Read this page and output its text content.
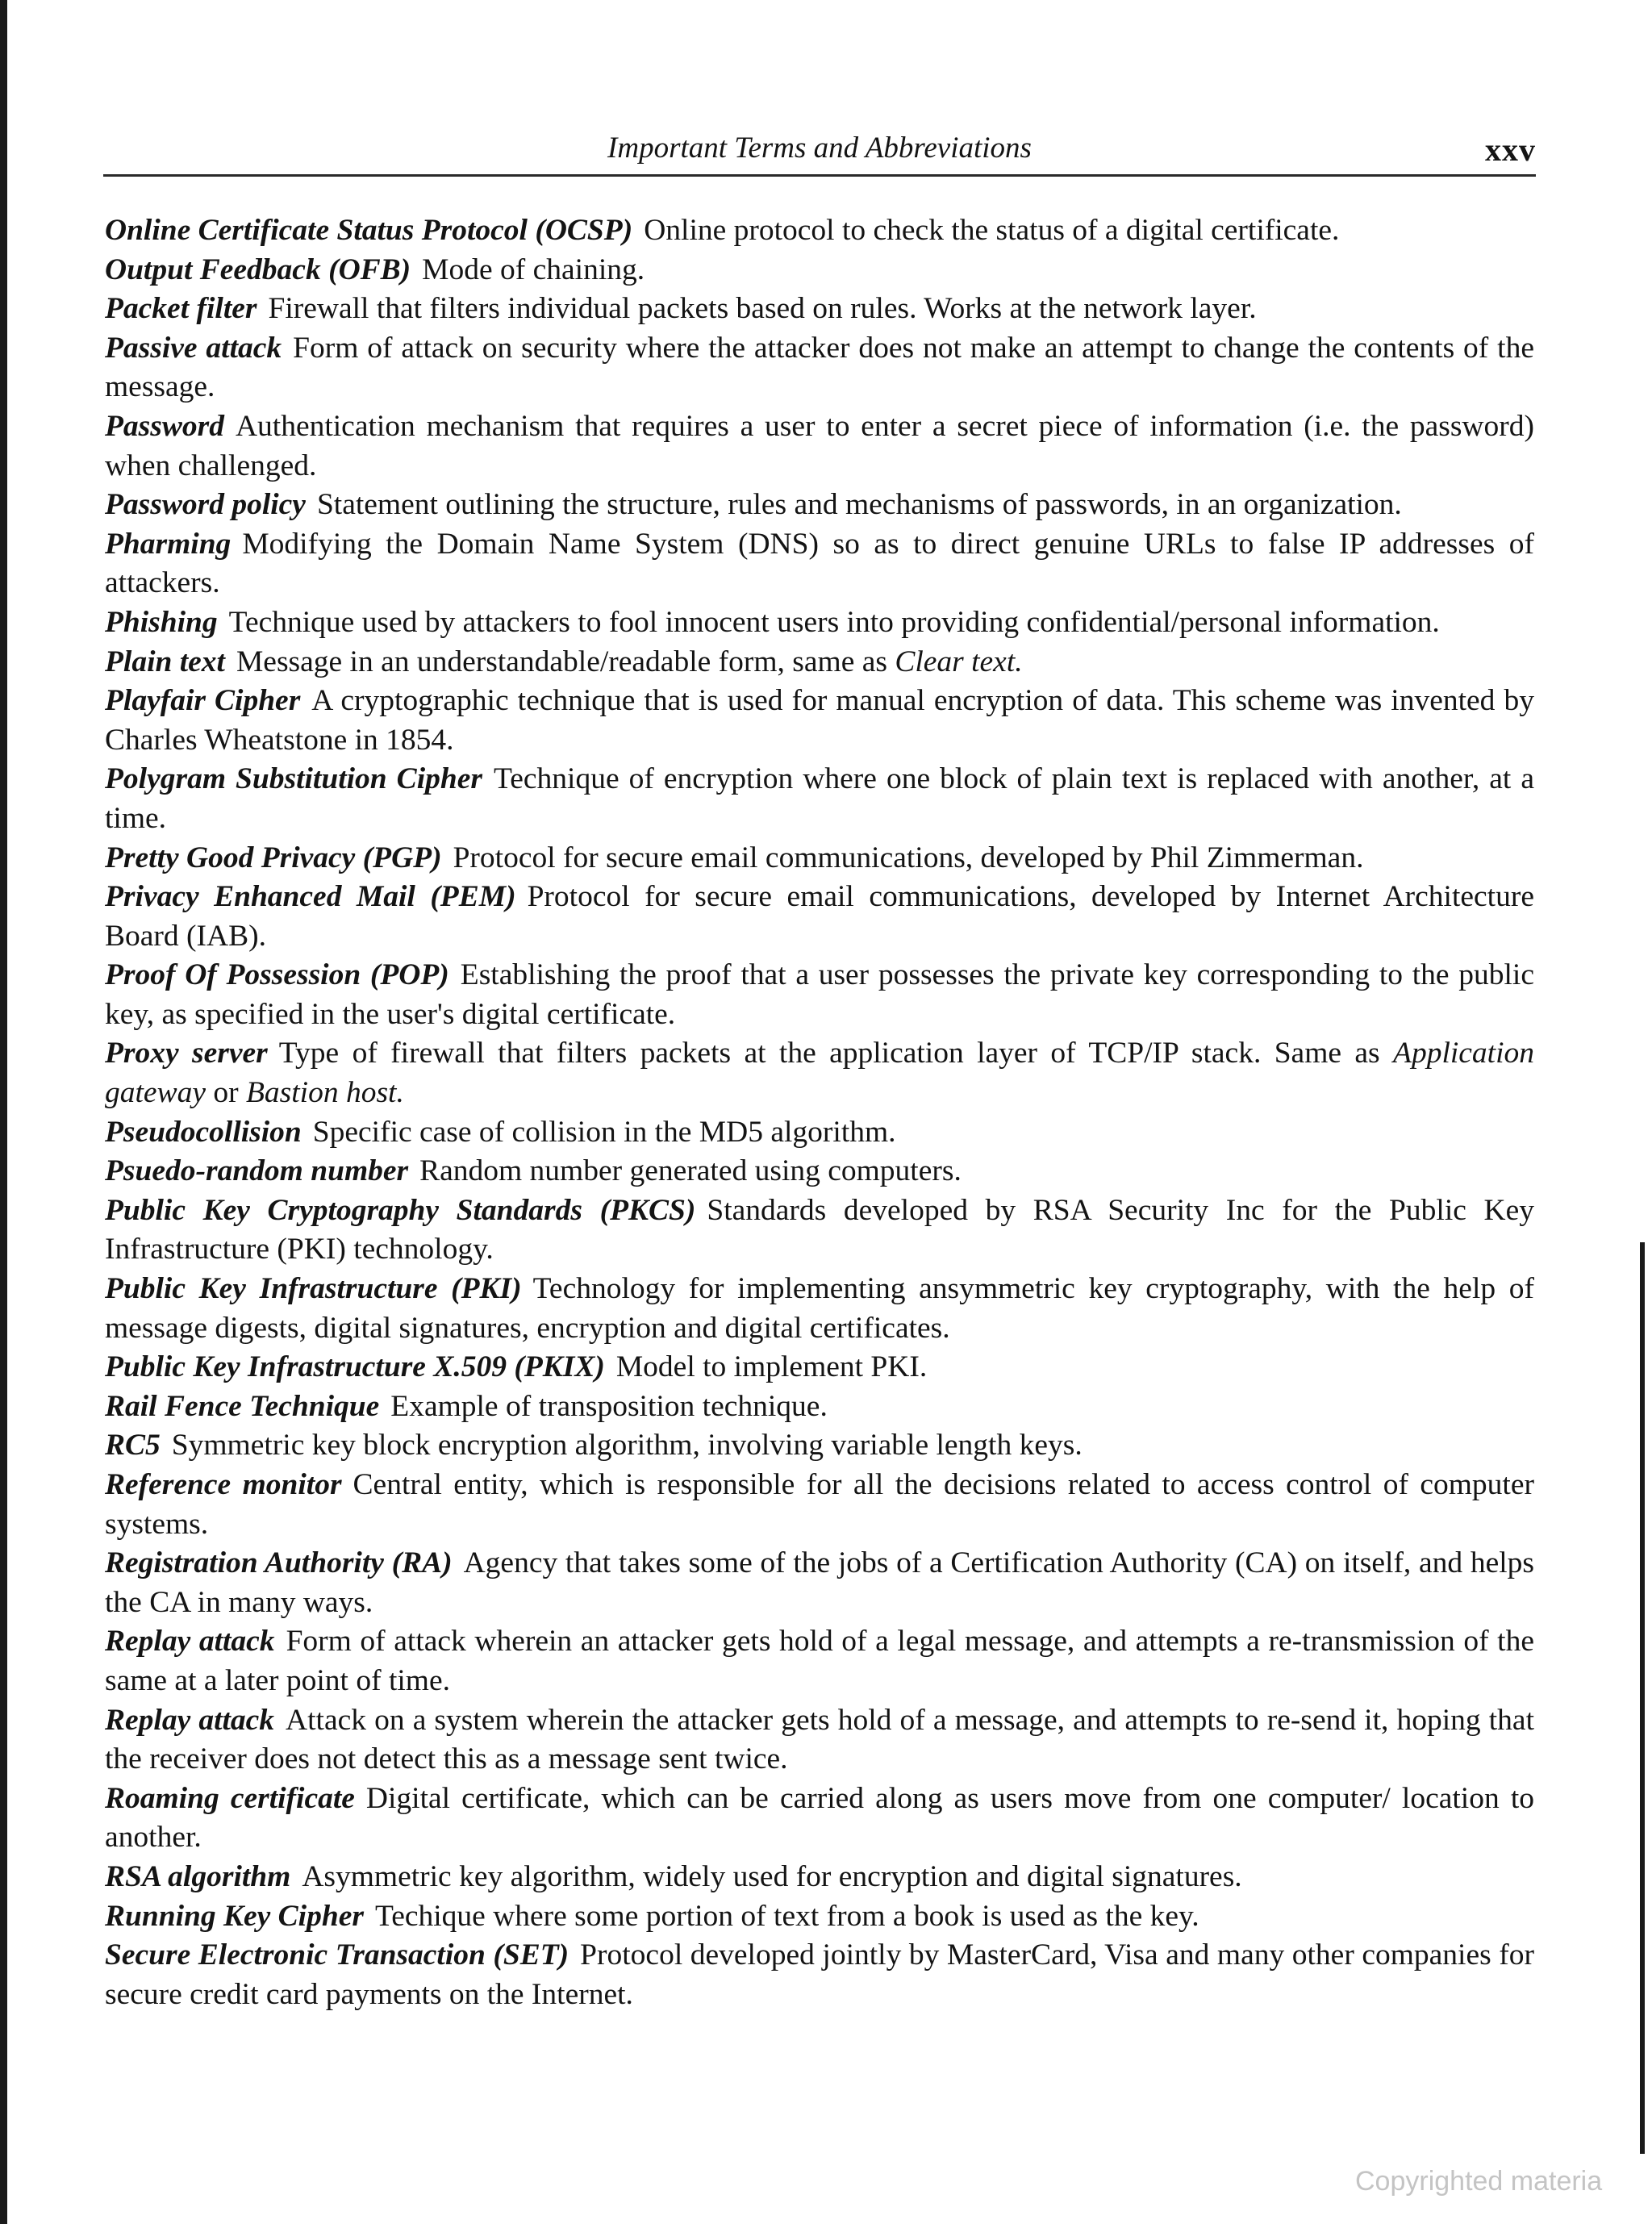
Important Terms and Abbreviations	xxv
Online Certificate Status Protocol (OCSP) Online protocol to check the status of a digital certificate.
Output Feedback (OFB) Mode of chaining.
Packet filter Firewall that filters individual packets based on rules. Works at the network layer.
Passive attack Form of attack on security where the attacker does not make an attempt to change the contents of the message.
Password Authentication mechanism that requires a user to enter a secret piece of information (i.e. the password) when challenged.
Password policy Statement outlining the structure, rules and mechanisms of passwords, in an organization.
Pharming Modifying the Domain Name System (DNS) so as to direct genuine URLs to false IP addresses of attackers.
Phishing Technique used by attackers to fool innocent users into providing confidential/personal information.
Plain text Message in an understandable/readable form, same as Clear text.
Playfair Cipher A cryptographic technique that is used for manual encryption of data. This scheme was invented by Charles Wheatstone in 1854.
Polygram Substitution Cipher Technique of encryption where one block of plain text is replaced with another, at a time.
Pretty Good Privacy (PGP) Protocol for secure email communications, developed by Phil Zimmerman.
Privacy Enhanced Mail (PEM) Protocol for secure email communications, developed by Internet Architecture Board (IAB).
Proof Of Possession (POP) Establishing the proof that a user possesses the private key corresponding to the public key, as specified in the user's digital certificate.
Proxy server Type of firewall that filters packets at the application layer of TCP/IP stack. Same as Application gateway or Bastion host.
Pseudocollision Specific case of collision in the MD5 algorithm.
Psuedo-random number Random number generated using computers.
Public Key Cryptography Standards (PKCS) Standards developed by RSA Security Inc for the Public Key Infrastructure (PKI) technology.
Public Key Infrastructure (PKI) Technology for implementing ansymmetric key cryptography, with the help of message digests, digital signatures, encryption and digital certificates.
Public Key Infrastructure X.509 (PKIX) Model to implement PKI.
Rail Fence Technique Example of transposition technique.
RC5 Symmetric key block encryption algorithm, involving variable length keys.
Reference monitor Central entity, which is responsible for all the decisions related to access control of computer systems.
Registration Authority (RA) Agency that takes some of the jobs of a Certification Authority (CA) on itself, and helps the CA in many ways.
Replay attack Form of attack wherein an attacker gets hold of a legal message, and attempts a re-transmission of the same at a later point of time.
Replay attack Attack on a system wherein the attacker gets hold of a message, and attempts to re-send it, hoping that the receiver does not detect this as a message sent twice.
Roaming certificate Digital certificate, which can be carried along as users move from one computer/ location to another.
RSA algorithm Asymmetric key algorithm, widely used for encryption and digital signatures.
Running Key Cipher Techique where some portion of text from a book is used as the key.
Secure Electronic Transaction (SET) Protocol developed jointly by MasterCard, Visa and many other companies for secure credit card payments on the Internet.
Copyrighted materia
